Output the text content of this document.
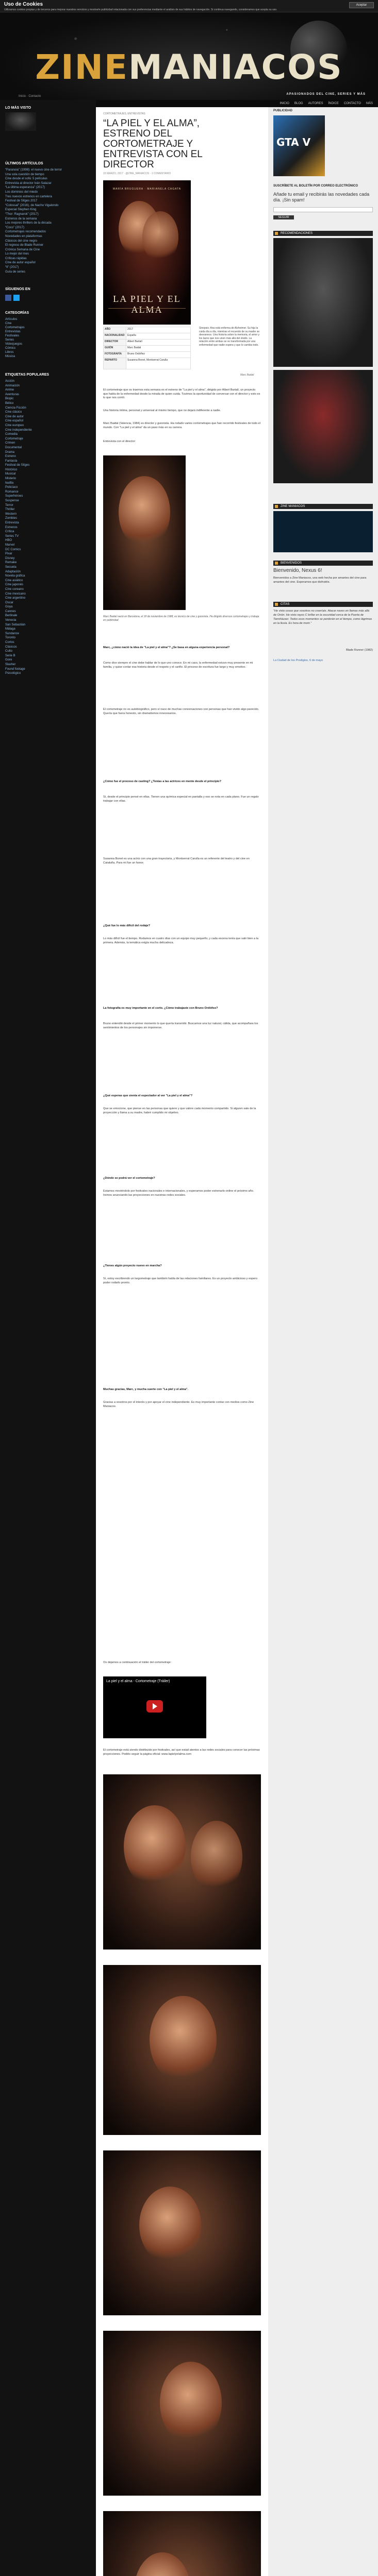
Uso de Cookies
Utilizamos cookies propias y de terceros para mejorar nuestros servicios y mostrarle publicidad relacionada con sus preferencias mediante el análisis de sus hábitos de navegación. Si continua navegando, consideramos que acepta su uso.
Aceptar
ZINEMANIACOS
APASIONADOS DEL CINE, SERIES Y MÁS
Inicio · Contacto
LO MÁS VISTO
ÚLTIMOS ARTÍCULOS
“Paranoia” (1998): el nuevo cine de terror
Una sola cuestión de tiempo
Cine desde el sofá: 5 películas
Entrevista al director Iván Salazar
“La última esperanza” (2017)
Los dominios del miedo
Tres nuevos estrenos en cartelera
Festival de Sitges 2017
“Colossal” (2016), de Nacho Vigalondo
Especial Stephen King
“Thor: Ragnarok” (2017)
Estrenos de la semana
Los mejores thrillers de la década
“Coco” (2017)
Cortometrajes recomendados
Novedades en plataformas
Clásicos del cine negro
El regreso de Blade Runner
Crónica Semana de Cine
Lo mejor del mes
Críticas rápidas
Cine de autor español
“It” (2017)
Guía de series
SÍGUENOS EN
CATEGORÍAS
Artículos
Cine
Cortometrajes
Entrevistas
Festivales
Series
Videojuegos
Cómics
Libros
Música
ETIQUETAS POPULARES
Acción
Animación
Anime
Aventuras
Biopic
Bélico
Ciencia Ficción
Cine clásico
Cine de autor
Cine español
Cine europeo
Cine independiente
Comedia
Cortometraje
Crimen
Documental
Drama
Estreno
Fantasía
Festival de Sitges
Histórico
Musical
Misterio
Netflix
Policíaco
Romance
Superhéroes
Suspense
Terror
Thriller
Western
Zombies
Entrevista
Estrenos
Crítica
Series TV
HBO
Marvel
DC Comics
Pixar
Disney
Remake
Secuela
Adaptación
Novela gráfica
Cine asiático
Cine japonés
Cine coreano
Cine mexicano
Cine argentino
Oscar
Goya
Cannes
Berlinale
Venecia
San Sebastián
Málaga
Sundance
Toronto
Cortos
Clásicos
Culto
Serie B
Gore
Slasher
Found footage
Psicológico
INICIO BLOG AUTORES ÍNDICE CONTACTO MÁS
CORTOMETRAJES, ENTREVISTAS
“LA PIEL Y EL ALMA”, ESTRENO DEL CORTOMETRAJE Y ENTREVISTA CON EL DIRECTOR
15 MARZO, 2017 · @ZINE_MANIACOS · 1 COMENTARIO
MARÍA BRUGUERA · MARIANELA CAGATA
LA PIEL Y EL ALMA
AÑO	2017
NACIONALIDAD	España
DIRECTOR	Albert Bartalí
GUIÓN	Marc Baidal
FOTOGRAFÍA	Bruno Ordóñez
REPARTO	Susanna Bonet, Montserrat Carulla
Sinopsis: Ana está enferma de Alzheimer. Su hija la cuida día a día, mientras el recuerdo de su madre se desvanece. Una historia sobre la memoria, el amor y los lazos que nos unen más allá del olvido. La relación entre ambas se ve transformada por una enfermedad que nadie espera y que lo cambia todo.
Marc Baidal

El cortometraje que os traemos esta semana es el estreno de "La piel y el alma", dirigido por Albert Bartalí, un proyecto que habla de la enfermedad desde la mirada de quien cuida. Tuvimos la oportunidad de conversar con el director y esto es lo que nos contó.

Una historia íntima, personal y universal al mismo tiempo, que no dejará indiferente a nadie.

Marc Baidal (Valencia, 1984) es director y guionista. Ha rodado varios cortometrajes que han recorrido festivales de todo el mundo. Con "La piel y el alma" da un paso más en su carrera.

Entrevista con el director:

Marc Baidal nació en Barcelona, el 18 de noviembre de 1988, es técnico de cine y guionista. Ha dirigido diversos cortometrajes y trabaja en publicidad.

Marc, ¿cómo nació la idea de "La piel y el alma"? ¿Se basa en alguna experiencia personal?

Como dice siempre el cine debe hablar de lo que uno conoce. En mi caso, la enfermedad estuvo muy presente en mi familia, y quise contar esa historia desde el respeto y el cariño. El proceso de escritura fue largo y muy emotivo.

El cortometraje no es autobiográfico, pero sí nace de muchas conversaciones con personas que han vivido algo parecido. Quería que fuera honesto, sin dramatismos innecesarios.

¿Cómo fue el proceso de casting? ¿Tenías a las actrices en mente desde el principio?

Sí, desde el principio pensé en ellas. Tienen una química especial en pantalla y eso se nota en cada plano. Fue un regalo trabajar con ellas.

Susanna Bonet es una actriz con una gran trayectoria, y Montserrat Carulla es un referente del teatro y del cine en Cataluña. Para mí fue un honor.

¿Qué fue lo más difícil del rodaje?

Lo más difícil fue el tiempo. Rodamos en cuatro días con un equipo muy pequeño, y cada escena tenía que salir bien a la primera. Además, la temática exigía mucha delicadeza.

La fotografía es muy importante en el corto. ¿Cómo trabajaste con Bruno Ordóñez?

Bruno entendió desde el primer momento lo que quería transmitir. Buscamos una luz natural, cálida, que acompañara los sentimientos de los personajes sin imponerse.

¿Qué esperas que sienta el espectador al ver "La piel y el alma"?

Que se emocione, que piense en las personas que quiere y que valore cada momento compartido. Si alguien sale de la proyección y llama a su madre, habré cumplido mi objetivo.

¿Dónde se podrá ver el cortometraje?

Estamos moviéndolo por festivales nacionales e internacionales, y esperamos poder estrenarlo online el próximo año. Iremos anunciando las proyecciones en nuestras redes sociales.

¿Tienes algún proyecto nuevo en marcha?

Sí, estoy escribiendo un largometraje que también habla de las relaciones familiares. Es un proyecto ambicioso y espero poder rodarlo pronto.

Muchas gracias, Marc, y mucha suerte con "La piel y el alma".

Gracias a vosotros por el interés y por apoyar el cine independiente. Es muy importante contar con medios como Zine Maniacos.

Os dejamos a continuación el tráiler del cortometraje:

La piel y el alma - Cortometraje (Tráiler)

El cortometraje está siendo distribuido por festivales, así que estad atentos a las redes sociales para conocer las próximas proyecciones. Podéis seguir la página oficial: www.lapielyelalma.com

PUBLICIDAD
GTA V
SUSCRÍBETE AL BOLETÍN POR CORREO ELECTRÓNICO
Añade tu email y recibirás las novedades cada día. ¡Sin spam!
SEGUIR
RECOMENDACIONES
ZINE MANIACOS
BIENVENIDOS
Bienvenido, Nexus 6!
Bienvenidos a Zine Maniacos, una web hecha por amantes del cine para amantes del cine. Esperamos que disfrutéis.
CITAS
“He visto cosas que vosotros no creeríais. Atacar naves en llamas más allá de Orión. He visto rayos C brillar en la oscuridad cerca de la Puerta de Tannhäuser. Todos esos momentos se perderán en el tiempo, como lágrimas en la lluvia. Es hora de morir.”
Blade Runner (1982)
La Ciudad de los Prodigios, 6 de mayo
